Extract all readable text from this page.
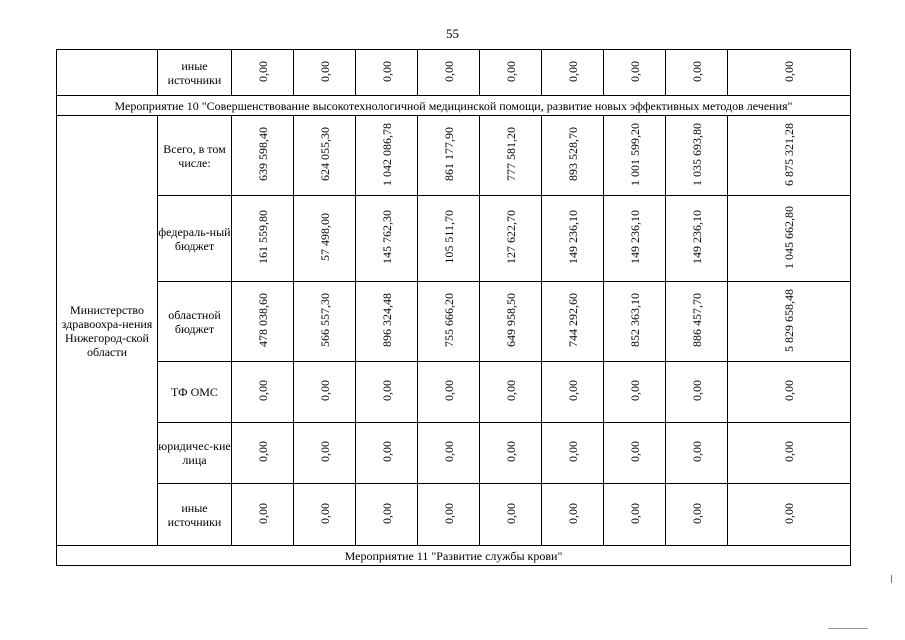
55
	иные источники	0,00	0,00	0,00	0,00	0,00	0,00	0,00	0,00	0,00
Мероприятие 10 "Совершенствование высокотехнологичной медицинской помощи, развитие новых эффективных методов лечения"										
Министерство здравоохра-нения Нижегород-ской области	Всего, в том числе:	639 598,40	624 055,30	1 042 086,78	861 177,90	777 581,20	893 528,70	1 001 599,20	1 035 693,80	6 875 321,28
	федераль-ный бюджет	161 559,80	57 498,00	145 762,30	105 511,70	127 622,70	149 236,10	149 236,10	149 236,10	1 045 662,80
	областной бюджет	478 038,60	566 557,30	896 324,48	755 666,20	649 958,50	744 292,60	852 363,10	886 457,70	5 829 658,48
	ТФ ОМС	0,00	0,00	0,00	0,00	0,00	0,00	0,00	0,00	0,00
	юридичес-кие лица	0,00	0,00	0,00	0,00	0,00	0,00	0,00	0,00	0,00
	иные источники	0,00	0,00	0,00	0,00	0,00	0,00	0,00	0,00	0,00
Мероприятие 11 "Развитие службы крови"										
